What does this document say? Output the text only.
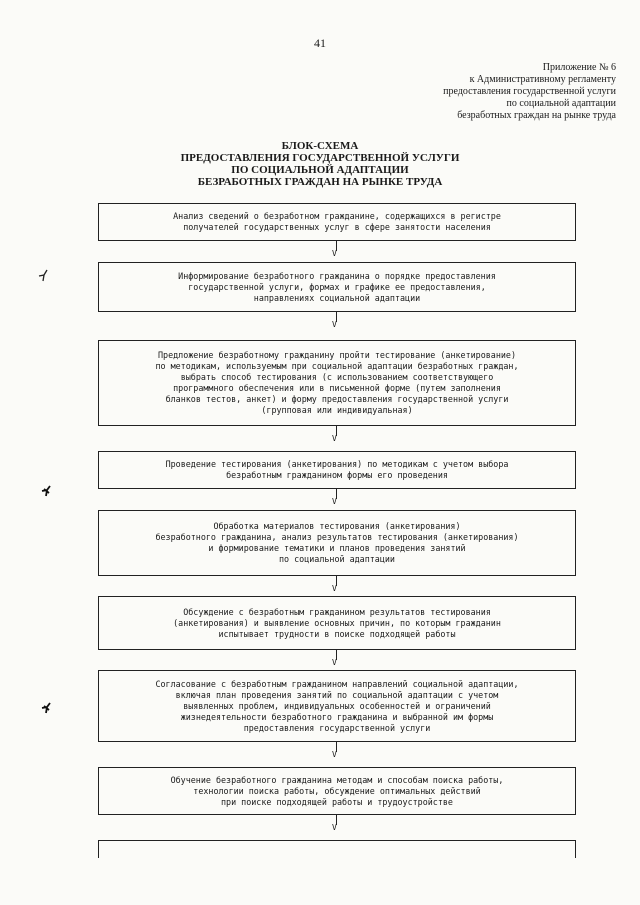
41
Приложение № 6
к Административному регламенту
предоставления государственной услуги
по социальной адаптации
безработных граждан на рынке труда
БЛОК-СХЕМА
ПРЕДОСТАВЛЕНИЯ ГОСУДАРСТВЕННОЙ УСЛУГИ
ПО СОЦИАЛЬНОЙ АДАПТАЦИИ
БЕЗРАБОТНЫХ ГРАЖДАН НА РЫНКЕ ТРУДА
Анализ сведений о безработном гражданине, содержащихся в регистре
получателей государственных услуг в сфере занятости населения
V
Информирование безработного гражданина о порядке предоставления
государственной услуги, формах и графике ее предоставления,
направлениях социальной адаптации
V
Предложение безработному гражданину пройти тестирование (анкетирование)
по методикам, используемым при социальной адаптации безработных граждан,
выбрать способ тестирования (с использованием соответствующего
программного обеспечения или в письменной форме (путем заполнения
бланков тестов, анкет) и форму предоставления государственной услуги
(групповая или индивидуальная)
V
Проведение тестирования (анкетирования) по методикам с учетом выбора
безработным гражданином формы его проведения
V
Обработка материалов тестирования (анкетирования)
безработного гражданина, анализ результатов тестирования (анкетирования)
и формирование тематики и планов проведения занятий
по социальной адаптации
V
Обсуждение с безработным гражданином результатов тестирования
(анкетирования) и выявление основных причин, по которым гражданин
испытывает трудности в поиске подходящей работы
V
Согласование с безработным гражданином направлений социальной адаптации,
включая план проведения занятий по социальной адаптации с учетом
выявленных проблем, индивидуальных особенностей и ограничений
жизнедеятельности безработного гражданина и выбранной им формы
предоставления государственной услуги
V
Обучение безработного гражданина методам и способам поиска работы,
технологии поиска работы, обсуждение оптимальных действий
при поиске подходящей работы и трудоустройстве
V
